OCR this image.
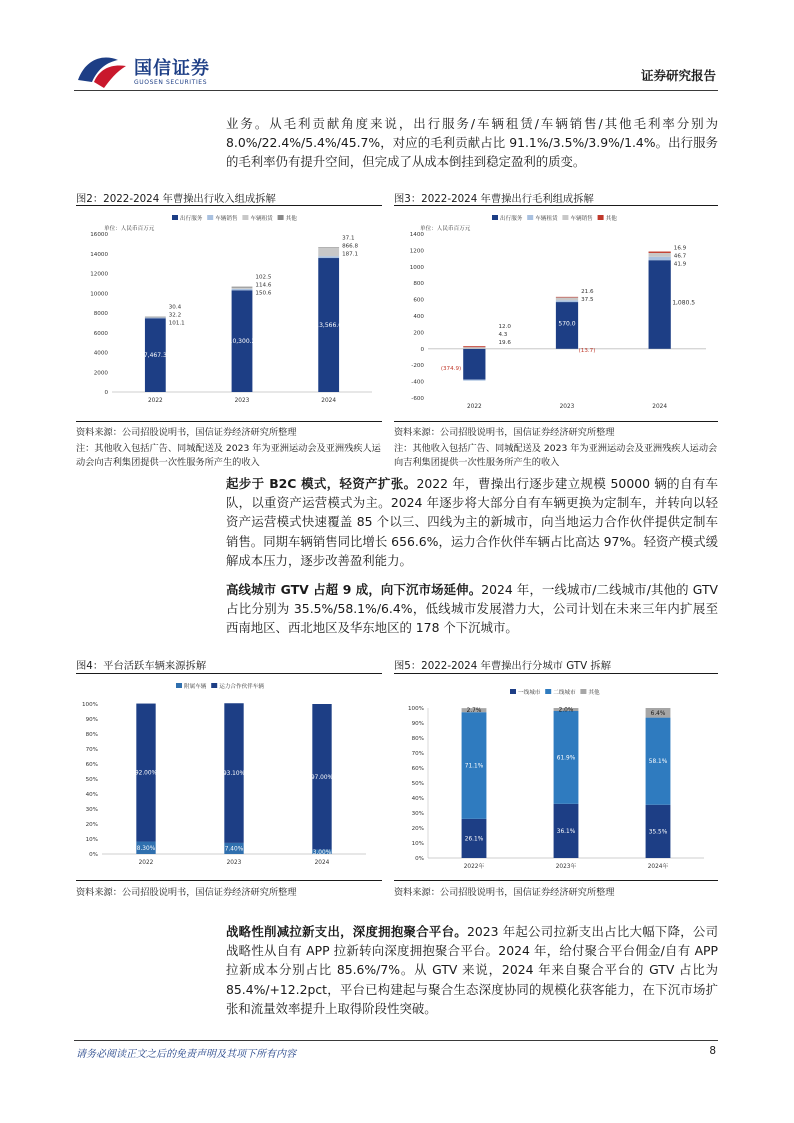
国信证券
GUOSEN SECURITIES	证券研究报告
业务。从毛利贡献角度来说，出行服务/车辆租赁/车辆销售/其他毛利率分别为 8.0%/22.4%/5.4%/45.7%，对应的毛利贡献占比 91.1%/3.5%/3.9%/1.4%。出行服务的毛利率仍有提升空间，但完成了从成本倒挂到稳定盈利的质变。
图2：2022-2024 年曹操出行收入组成拆解
出行服务 车辆销售 车辆租赁 其他
单位：人民币百万元
0
2000
4000
6000
8000
10000
12000
14000
16000
2022	2023	2024
7,467.3
30.4
32.2
101.1
10,300.2
102.5
114.6
150.6
13,566.6
37.1
866.8
187.1
资料来源：公司招股说明书，国信证券经济研究所整理
注：其他收入包括广告、同城配送及 2023 年为亚洲运动会及亚洲残疾人运动会向吉利集团提供一次性服务所产生的收入
图3：2022-2024 年曹操出行毛利组成拆解
出行服务 车辆租赁 车辆销售 其他
单位：人民币百万元
-600
-400
-200
0
200
400
600
800
1000
1200
1400
2022	2023	2024
(374.9)
12.0
4.3
19.6
570.0
(13.7)
21.6
37.5	1,080.5
16.9
46.7
41.9
资料来源：公司招股说明书，国信证券经济研究所整理
注：其他收入包括广告、同城配送及 2023 年为亚洲运动会及亚洲残疾人运动会向吉利集团提供一次性服务所产生的收入
起步于 B2C 模式，轻资产扩张。2022 年，曹操出行逐步建立规模 50000 辆的自有车队，以重资产运营模式为主。2024 年逐步将大部分自有车辆更换为定制车，并转向以轻资产运营模式快速覆盖 85 个以三、四线为主的新城市，向当地运力合作伙伴提供定制车销售。同期车辆销售同比增长 656.6%，运力合作伙伴车辆占比高达 97%。轻资产模式缓解成本压力，逐步改善盈利能力。
高线城市 GTV 占超 9 成，向下沉市场延伸。2024 年，一线城市/二线城市/其他的 GTV 占比分别为 35.5%/58.1%/6.4%，低线城市发展潜力大，公司计划在未来三年内扩展至西南地区、西北地区及华东地区的 178 个下沉城市。
图4：平台活跃车辆来源拆解
附属车辆 运力合作伙伴车辆
0%
10%
20%
30%
40%
50%
60%
70%
80%
90%
100%
2022	2023	2024
8.30%
92.00%
7.40%
93.10%
3.00%
97.00%
资料来源：公司招股说明书，国信证券经济研究所整理
图5：2022-2024 年曹操出行分城市 GTV 拆解
一线城市 二线城市 其他
0%
10%
20%
30%
40%
50%
60%
70%
80%
90%
100%
2022年	2023年	2024年
26.1%
71.1%
2.7%
36.1%
61.9%
2.0%
35.5%
58.1%
6.4%
资料来源：公司招股说明书，国信证券经济研究所整理
战略性削减拉新支出，深度拥抱聚合平台。2023 年起公司拉新支出占比大幅下降，公司战略性从自有 APP 拉新转向深度拥抱聚合平台。2024 年，给付聚合平台佣金/自有 APP 拉新成本分别占比 85.6%/7%。从 GTV 来说，2024 年来自聚合平台的 GTV 占比为 85.4%/+12.2pct，平台已构建起与聚合生态深度协同的规模化获客能力，在下沉市场扩张和流量效率提升上取得阶段性突破。
请务必阅读正文之后的免责声明及其项下所有内容	8
